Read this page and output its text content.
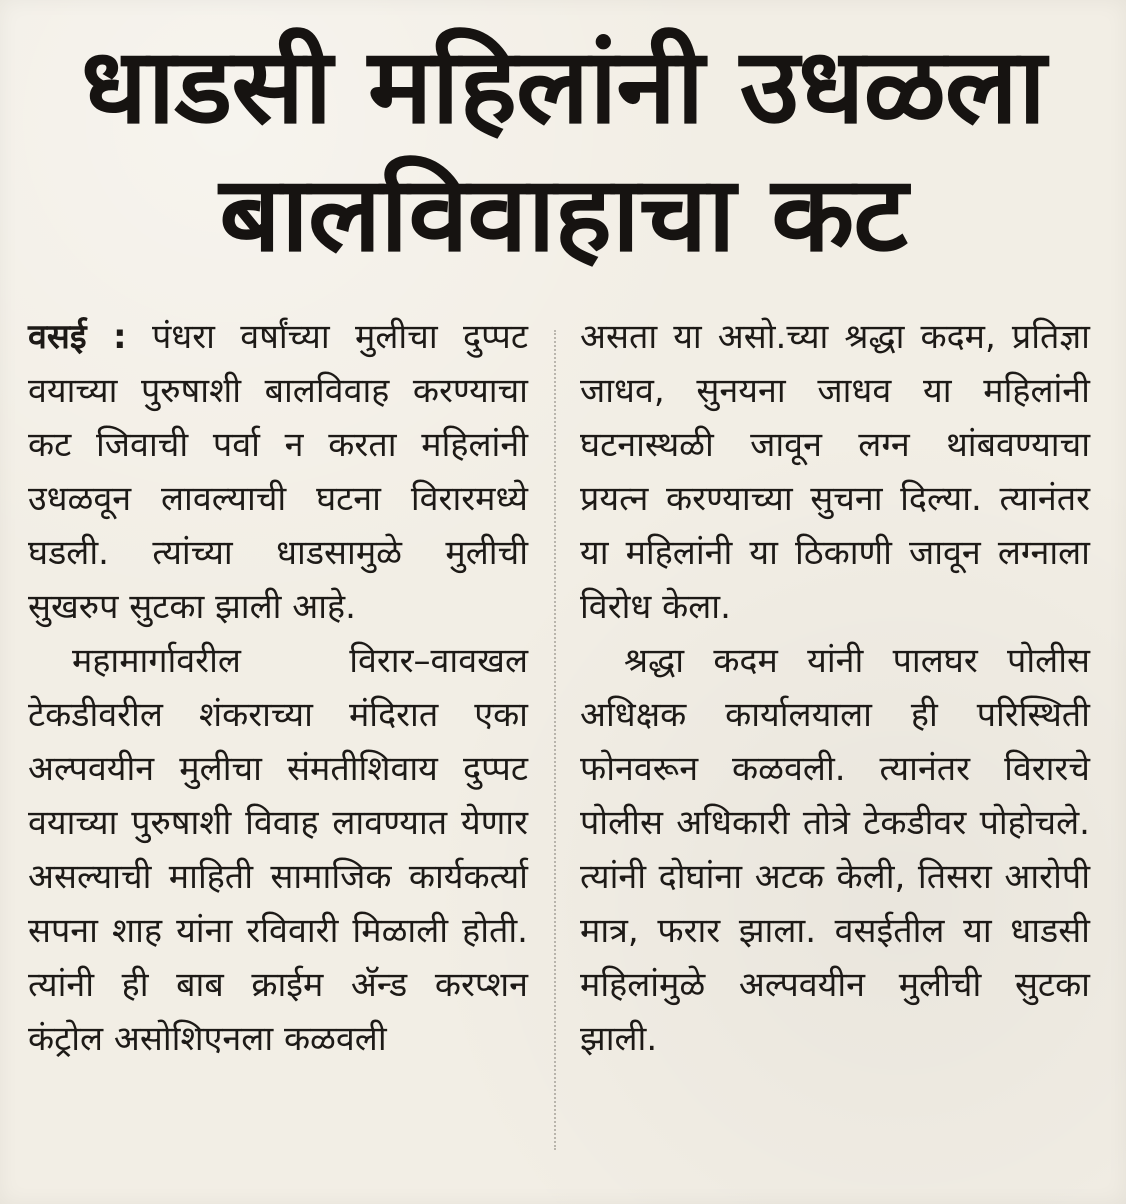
धाडसी महिलांनी उधळला
बालविवाहाचा कट

वसई : पंधरा वर्षांच्या मुलीचा दुप्पट वयाच्या पुरुषाशी बालविवाह करण्याचा कट जिवाची पर्वा न करता महिलांनी उधळवून लावल्याची घटना विरारमध्ये घडली. त्यांच्या धाडसामुळे मुलीची सुखरुप सुटका झाली आहे.

महामार्गावरील विरार–वावखल टेकडीवरील शंकराच्या मंदिरात एका अल्पवयीन मुलीचा संमतीशिवाय दुप्पट वयाच्या पुरुषाशी विवाह लावण्यात येणार असल्याची माहिती सामाजिक कार्यकर्त्या सपना शाह यांना रविवारी मिळाली होती. त्यांनी ही बाब क्राईम अ‍ॅन्ड करप्शन कंट्रोल असोशिएनला कळवली

असता या असो.च्या श्रद्धा कदम, प्रतिज्ञा जाधव, सुनयना जाधव या महिलांनी घटनास्थळी जावून लग्न थांबवण्याचा प्रयत्न करण्याच्या सुचना दिल्या. त्यानंतर या महिलांनी या ठिकाणी जावून लग्नाला विरोध केला.

श्रद्धा कदम यांनी पालघर पोलीस अधिक्षक कार्यालयाला ही परिस्थिती फोनवरून कळवली. त्यानंतर विरारचे पोलीस अधिकारी तोत्रे टेकडीवर पोहोचले. त्यांनी दोघांना अटक केली, तिसरा आरोपी मात्र, फरार झाला. वसईतील या धाडसी महिलांमुळे अल्पवयीन मुलीची सुटका झाली.
